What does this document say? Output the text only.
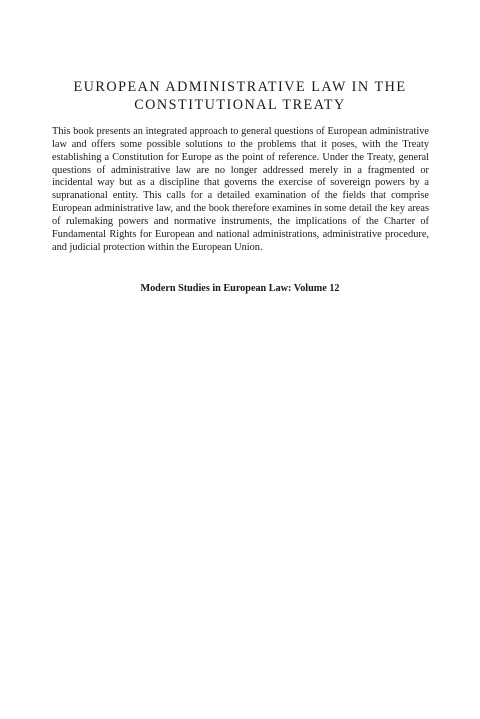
EUROPEAN ADMINISTRATIVE LAW IN THE
CONSTITUTIONAL TREATY

This book presents an integrated approach to general questions of European administrative law and offers some possible solutions to the problems that it poses, with the Treaty establishing a Constitution for Europe as the point of reference. Under the Treaty, general questions of administrative law are no longer addressed merely in a fragmented or incidental way but as a discipline that governs the exercise of sovereign powers by a supranational entity. This calls for a detailed examination of the fields that comprise European administrative law, and the book therefore examines in some detail the key areas of rulemaking powers and normative instruments, the implications of the Charter of Fundamental Rights for European and national administrations, administrative procedure, and judicial protection within the European Union.

Modern Studies in European Law: Volume 12
